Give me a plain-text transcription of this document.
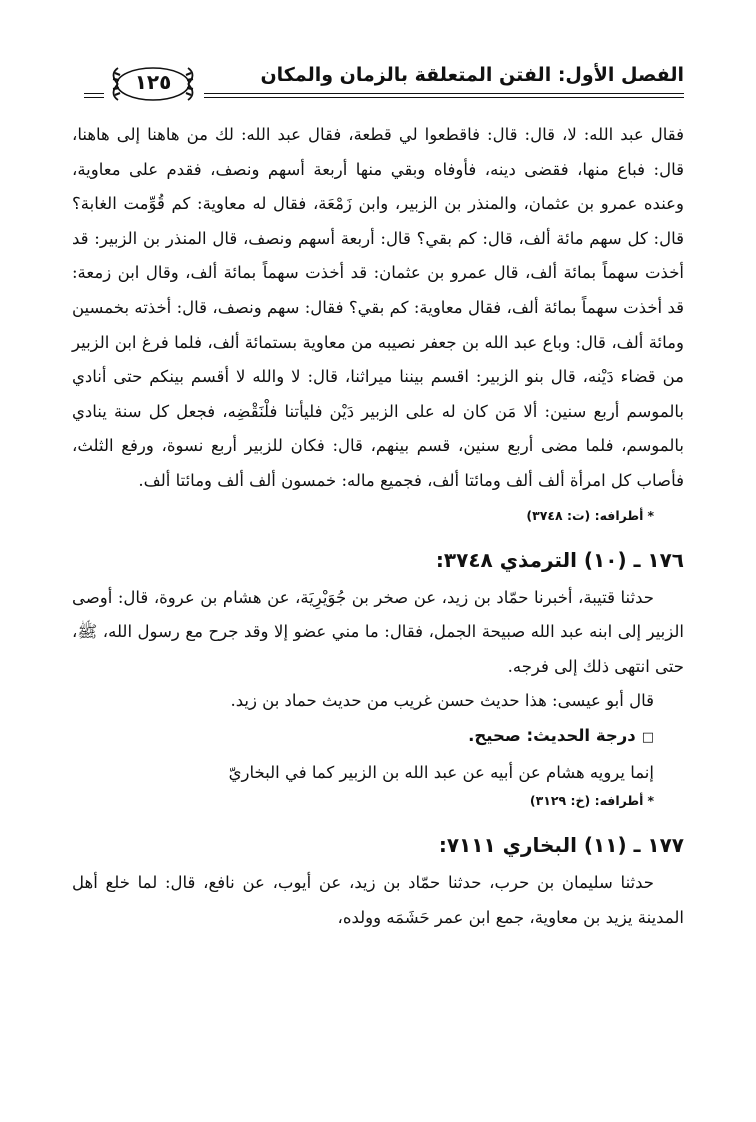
الفصل الأول: الفتن المتعلقة بالزمان والمكان
١٢٥

فقال عبد الله: لا، قال: قال: فاقطعوا لي قطعة، فقال عبد الله: لك من هاهنا إلى هاهنا، قال: فباع منها، فقضى دينه، فأوفاه وبقي منها أربعة أسهم ونصف، فقدم على معاوية، وعنده عمرو بن عثمان، والمنذر بن الزبير، وابن زَمْعَة، فقال له معاوية: كم قُوِّمت الغابة؟ قال: كل سهم مائة ألف، قال: كم بقي؟ قال: أربعة أسهم ونصف، قال المنذر بن الزبير: قد أخذت سهماً بمائة ألف، قال عمرو بن عثمان: قد أخذت سهماً بمائة ألف، وقال ابن زمعة: قد أخذت سهماً بمائة ألف، فقال معاوية: كم بقي؟ فقال: سهم ونصف، قال: أخذته بخمسين ومائة ألف، قال: وباع عبد الله بن جعفر نصيبه من معاوية بستمائة ألف، فلما فرغ ابن الزبير من قضاء دَيْنه، قال بنو الزبير: اقسم بيننا ميراثنا، قال: لا والله لا أقسم بينكم حتى أنادي بالموسم أربع سنين: ألا مَن كان له على الزبير دَيْن فليأتنا فلْنَقْضِه، فجعل كل سنة ينادي بالموسم، فلما مضى أربع سنين، قسم بينهم، قال: فكان للزبير أربع نسوة، ورفع الثلث، فأصاب كل امرأة ألف ألف ومائتا ألف، فجميع ماله: خمسون ألف ألف ومائتا ألف.

*أطرافه: (ت: ٣٧٤٨)

١٧٦ ـ (١٠) الترمذي ٣٧٤٨:

حدثنا قتيبة، أخبرنا حمّاد بن زيد، عن صخر بن جُوَيْرِيَة، عن هشام بن عروة، قال: أوصى الزبير إلى ابنه عبد الله صبيحة الجمل، فقال: ما مني عضو إلا وقد جرح مع رسول الله، ﷺ، حتى انتهى ذلك إلى فرجه.

قال أبو عيسى: هذا حديث حسن غريب من حديث حماد بن زيد.

□درجة الحديث: صحيح.

إنما يرويه هشام عن أبيه عن عبد الله بن الزبير كما في البخاريّ

*أطرافه: (خ: ٣١٢٩)

١٧٧ ـ (١١) البخاري ٧١١١:

حدثنا سليمان بن حرب، حدثنا حمّاد بن زيد، عن أيوب، عن نافع، قال: لما خلع أهل المدينة يزيد بن معاوية، جمع ابن عمر حَشَمَه وولده،
